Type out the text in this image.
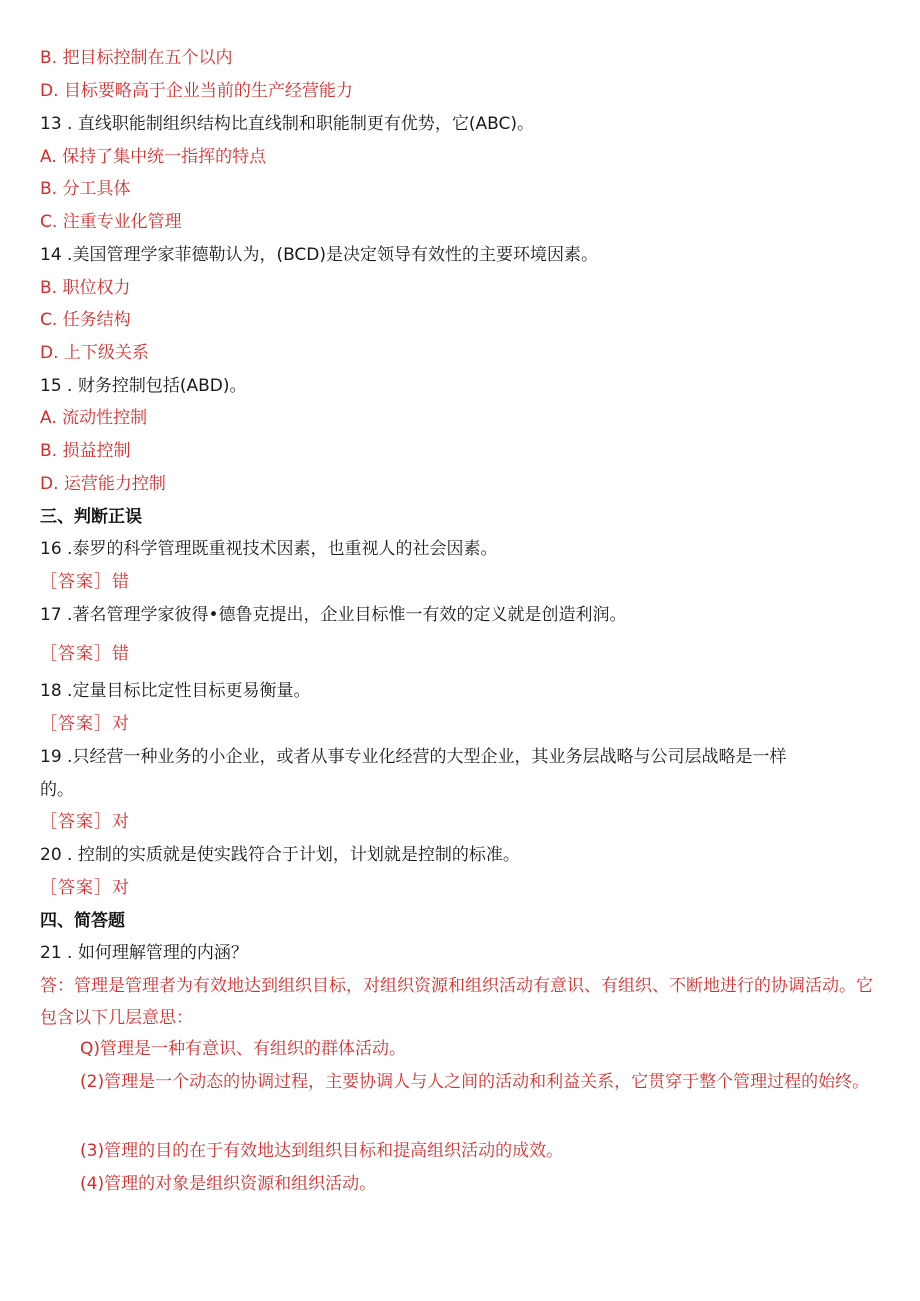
B. 把目标控制在五个以内
D. 目标要略高于企业当前的生产经营能力
13 . 直线职能制组织结构比直线制和职能制更有优势，它(ABC)。
A. 保持了集中统一指挥的特点
B. 分工具体
C. 注重专业化管理
14 .美国管理学家菲德勒认为，(BCD)是决定领导有效性的主要环境因素。
B. 职位权力
C. 任务结构
D. 上下级关系
15 . 财务控制包括(ABD)。
A. 流动性控制
B. 损益控制
D. 运营能力控制
三、判断正误
16 .泰罗的科学管理既重视技术因素，也重视人的社会因素。
［答案］错
17 .著名管理学家彼得•德鲁克提出，企业目标惟一有效的定义就是创造利润。
［答案］错
18 .定量目标比定性目标更易衡量。
［答案］对
19 .只经营一种业务的小企业，或者从事专业化经营的大型企业，其业务层战略与公司层战略是一样
的。
［答案］对
20 . 控制的实质就是使实践符合于计划，计划就是控制的标准。
［答案］对
四、简答题
21 . 如何理解管理的内涵？
答：管理是管理者为有效地达到组织目标，对组织资源和组织活动有意识、有组织、不断地进行的协调活动。它包含以下几层意思：
Q)管理是一种有意识、有组织的群体活动。
(2)管理是一个动态的协调过程，主要协调人与人之间的活动和利益关系，它贯穿于整个管理过程的始终。
(3)管理的目的在于有效地达到组织目标和提高组织活动的成效。
(4)管理的对象是组织资源和组织活动。
